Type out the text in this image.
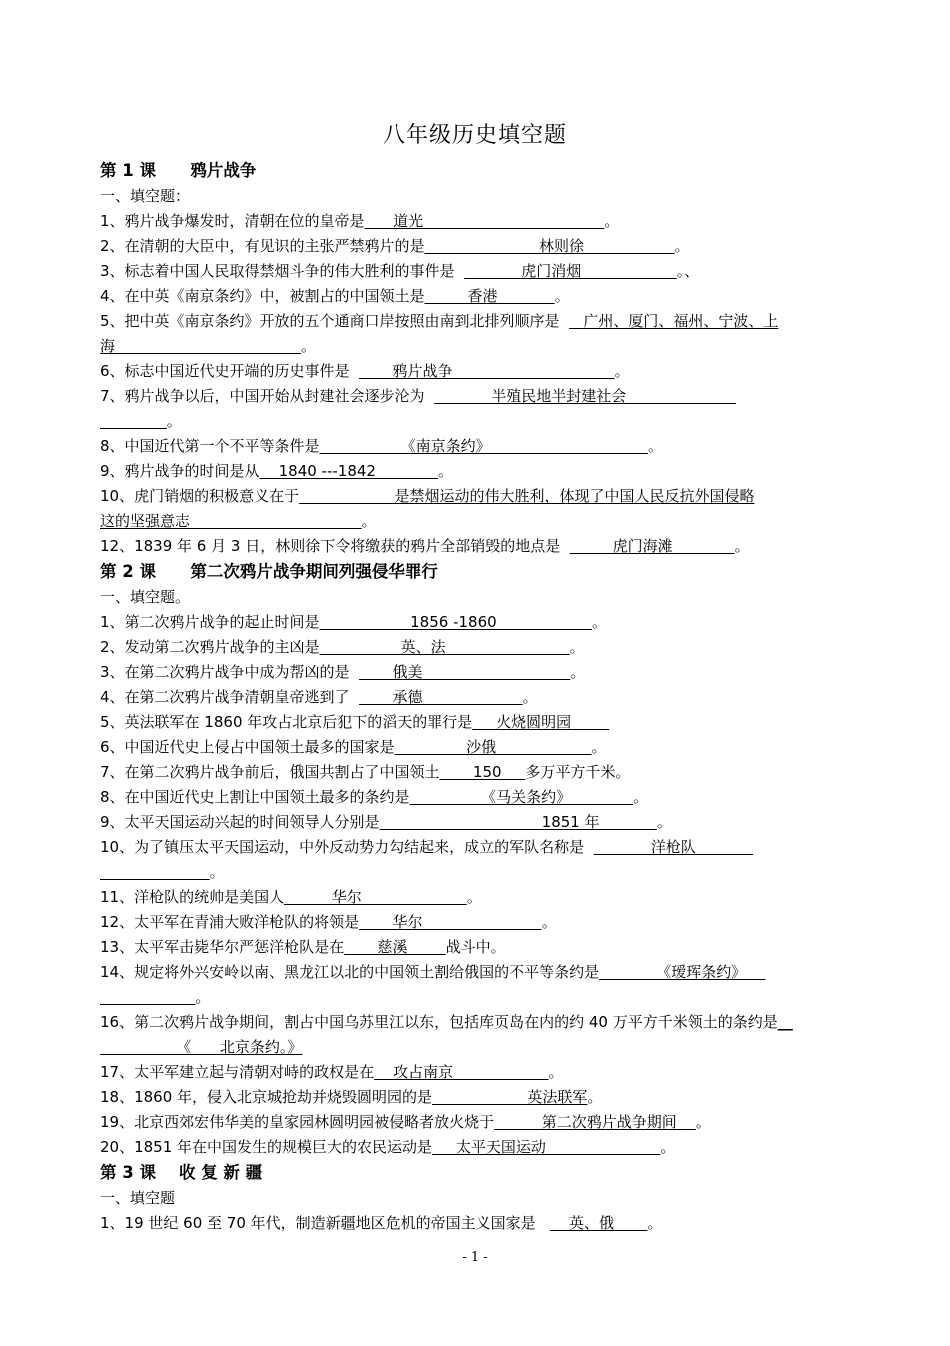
八年级历史填空题
第 1 课      鸦片战争
一、填空题：
1、鸦片战争爆发时，清朝在位的皇帝是      道光                                      。
2、在清朝的大臣中，有见识的主张严禁鸦片的是                        林则徐                   。
3、标志着中国人民取得禁烟斗争的伟大胜利的事件是              虎门消烟                    。、
4、在中英《南京条约》中，被割占的中国领土是         香港            。
5、把中英《南京条约》开放的五个通商口岸按照由南到北排列顺序是     广州、厦门、福州、宁波、上
海                                       。
6、标志中国近代史开端的历史事件是         鸦片战争                                  。
7、鸦片战争以后，中国开始从封建社会逐步沦为              半殖民地半封建社会
。
8、中国近代第一个不平等条件是                 《南京条约》                                 。
9、鸦片战争的时间是从    1840 ---1842             。
10、虎门销烟的积极意义在于                    是禁烟运动的伟大胜利，体现了中国人民反抗外国侵略
这的坚强意志                                    。
12、1839 年 6 月 3 日，林则徐下令将缴获的鸦片全部销毁的地点是           虎门海滩             。
第 2 课      第二次鸦片战争期间列强侵华罪行
一、填空题。
1、第二次鸦片战争的起止时间是                   1856 -1860                    。
2、发动第二次鸦片战争的主凶是                 英、法                          。
3、在第二次鸦片战争中成为帮凶的是         俄美                               。
4、在第二次鸦片战争清朝皇帝逃到了         承德                     。
5、英法联军在 1860 年攻占北京后犯下的滔天的罪行是     火烧圆明园
6、中国近代史上侵占中国领土最多的国家是               沙俄                    。
7、在第二次鸦片战争前后，俄国共割占了中国领土       150     多万平方千米。
8、在中国近代史上割让中国领土最多的条约是               《马关条约》             。
9、太平天国运动兴起的时间领导人分别是                                  1851 年            。
10、为了镇压太平天国运动，中外反动势力勾结起来，成立的军队名称是              洋枪队
。
11、洋枪队的统帅是美国人          华尔                      。
12、太平军在青浦大败洋枪队的将领是       华尔                         。
13、太平军击毙华尔严惩洋枪队是在       慈溪        战斗中。
14、规定将外兴安岭以南、黑龙江以北的中国领土割给俄国的不平等条约是            《瑷珲条约》
。
16、第二次鸦片战争期间，割占中国乌苏里江以东，包括库页岛在内的约 40 万平方千米领土的条约是__
《      北京条约。》
17、太平军建立起与清朝对峙的政权是在    攻占南京                    。
18、1860 年，侵入北京城抢劫并烧毁圆明园的是                    英法联军。
19、北京西郊宏伟华美的皇家园林圆明园被侵略者放火烧于          第二次鸦片战争期间    。
20、1851 年在中国发生的规模巨大的农民运动是     太平天国运动                        。
第 3 课    收 复 新 疆
一、填空题
1、19 世纪 60 至 70 年代，制造新疆地区危机的帝国主义国家是       英、俄       。
- 1 -
